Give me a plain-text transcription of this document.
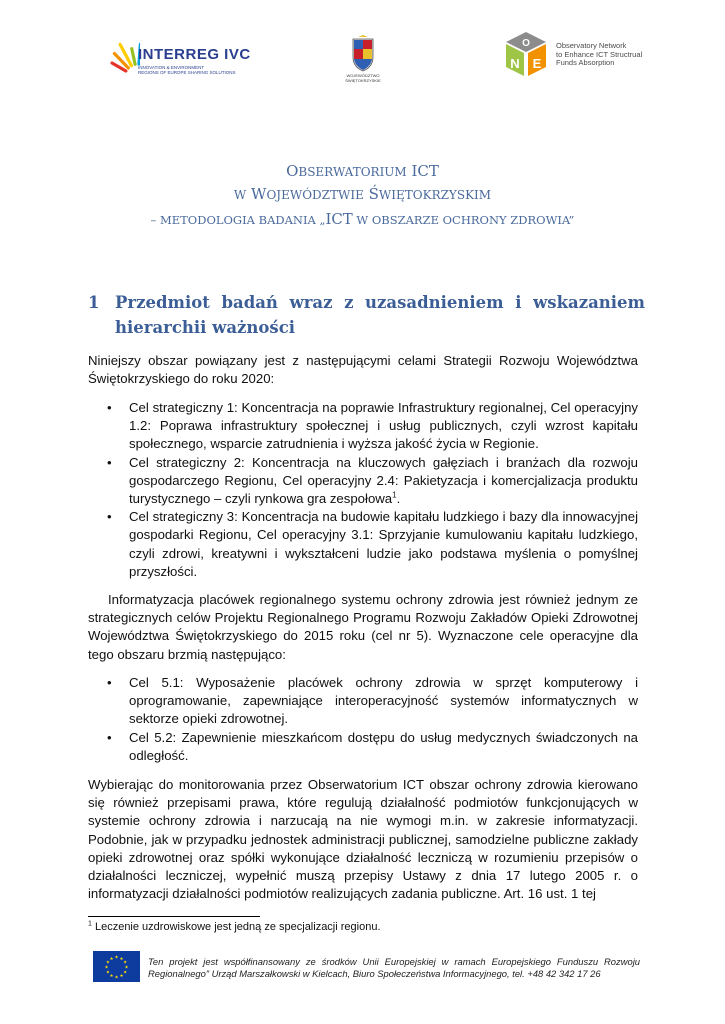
INTERREG IVC
INNOVATION & ENVIRONMENT
REGIONS OF EUROPE SHARING SOLUTIONS
WOJEWÓDZTWO
ŚWIĘTOKRZYSKIE
O
N E
Observatory Network
to Enhance ICT Structrual
Funds Absorption
OBSERWATORIUM ICT
W WOJEWÓDZTWIE ŚWIĘTOKRZYSKIM
– METODOLOGIA BADANIA „ICT W OBSZARZE OCHRONY ZDROWIA”
1 Przedmiot badań wraz z uzasadnieniem i wskazaniem hierarchii ważności
Niniejszy obszar powiązany jest z następującymi celami Strategii Rozwoju Województwa Świętokrzyskiego do roku 2020:
• Cel strategiczny 1: Koncentracja na poprawie Infrastruktury regionalnej, Cel operacyjny 1.2: Poprawa infrastruktury społecznej i usług publicznych, czyli wzrost kapitału społecznego, wsparcie zatrudnienia i wyższa jakość życia w Regionie.
• Cel strategiczny 2: Koncentracja na kluczowych gałęziach i branżach dla rozwoju gospodarczego Regionu, Cel operacyjny 2.4: Pakietyzacja i komercjalizacja produktu turystycznego – czyli rynkowa gra zespołowa$^1$.
• Cel strategiczny 3: Koncentracja na budowie kapitału ludzkiego i bazy dla innowacyjnej gospodarki Regionu, Cel operacyjny 3.1: Sprzyjanie kumulowaniu kapitału ludzkiego, czyli zdrowi, kreatywni i wykształceni ludzie jako podstawa myślenia o pomyślnej przyszłości.
Informatyzacja placówek regionalnego systemu ochrony zdrowia jest również jednym ze strategicznych celów Projektu Regionalnego Programu Rozwoju Zakładów Opieki Zdrowotnej Województwa Świętokrzyskiego do 2015 roku (cel nr 5). Wyznaczone cele operacyjne dla tego obszaru brzmią następująco:
• Cel 5.1: Wyposażenie placówek ochrony zdrowia w sprzęt komputerowy i oprogramowanie, zapewniające interoperacyjność systemów informatycznych w sektorze opieki zdrowotnej.
• Cel 5.2: Zapewnienie mieszkańcom dostępu do usług medycznych świadczonych na odległość.
Wybierając do monitorowania przez Obserwatorium ICT obszar ochrony zdrowia kierowano się również przepisami prawa, które regulują działalność podmiotów funkcjonujących w systemie ochrony zdrowia i narzucają na nie wymogi m.in. w zakresie informatyzacji. Podobnie, jak w przypadku jednostek administracji publicznej, samodzielne publiczne zakłady opieki zdrowotnej oraz spółki wykonujące działalność leczniczą w rozumieniu przepisów o działalności leczniczej, wypełnić muszą przepisy Ustawy z dnia 17 lutego 2005 r. o informatyzacji działalności podmiotów realizujących zadania publiczne. Art. 16 ust. 1 tej
$^1$ Leczenie uzdrowiskowe jest jedną ze specjalizacji regionu.
★
★
★
★
★
★
★
★
★ ★ ★
★ Ten projekt jest współfinansowany ze środków Unii Europejskiej w ramach Europejskiego Funduszu Rozwoju Regionalnego” Urząd Marszałkowski w Kielcach, Biuro Społeczeństwa Informacyjnego, tel. +48 42 342 17 26
